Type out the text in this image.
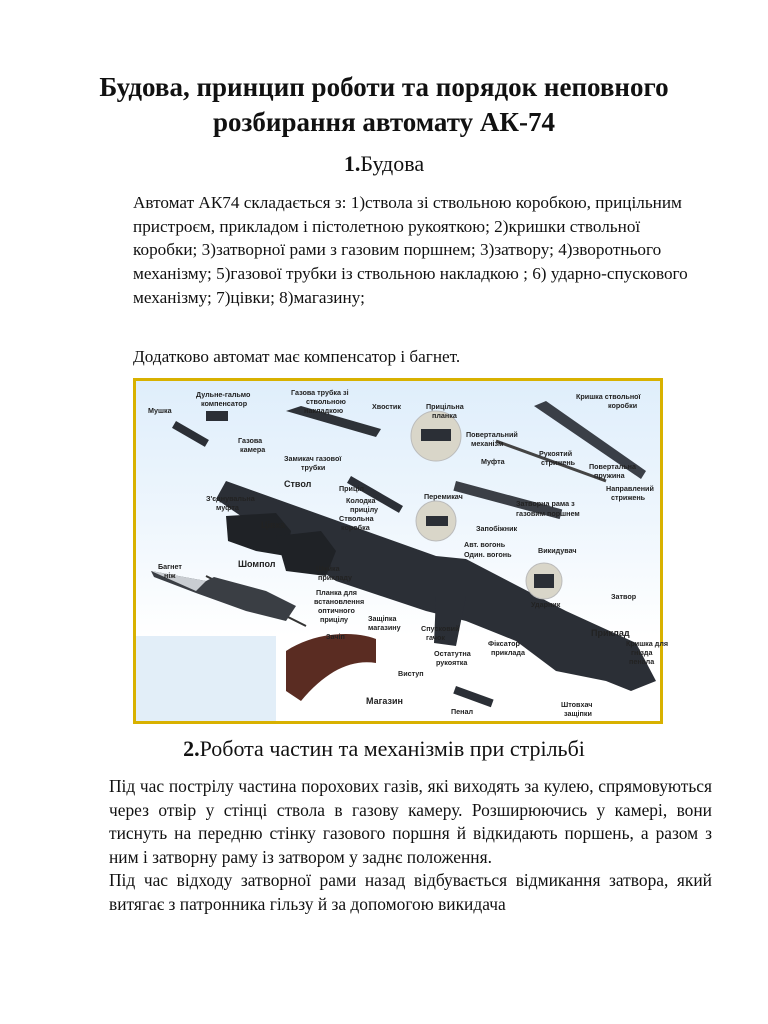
Будова, принцип роботи та порядок неповного розбирання автомату АК-74
1.Будова
Автомат АК74 складається з: 1)ствола зі ствольною коробкою, прицільним пристроєм, прикладом і пістолетною рукояткою; 2)кришки ствольної коробки; 3)затворної рами з газовим поршнем; 3)затвору; 4)зворотнього механізму; 5)газової трубки із ствольною накладкою ; 6) ударно-спускового механізму; 7)цівки; 8)магазину;
Додатково автомат має компенсатор і багнет.
Мушка
Дульне-гальмо
компенсатор
Газова трубка зі
ствольною
накладкою	Хвостик	Прицільна
планка
Кришка ствольної
коробки
Газова
камера
Замикач газової
трубки
Повертальний
механізм
Муфта
Рукоятий
стрижень Повертальна
пружина
Направлений
стрижень
Ствол	Приціл
Колодка
прицілу
Перемикач
Затворна рама з
газовим поршнем
З'єднувальна
муфта
Цівка
Ствольна
коробка	Запобіжник
Авт. вогонь
Один. вогонь	Викидувач
Шомпол	Шийка
прикладу
Ударник
Затвор
Багнет
ніж
Планка для
встановлення
оптичного
прицілу	Защіпка
магазину	Спусковий
гачок
Фіксатор
приклада
Приклад
Кришка для
гнізда
пенала
Зачіп
Остатутна
рукоятка
Виступ
Магазин
Пенал
Штовхач
защіпки
2.Робота частин та механізмів при стрільбі

Під час пострілу частина порохових газів, які виходять за кулею, спрямовуються через отвір у стінці ствола в газову камеру. Розширюючись у камері, вони тиснуть на передню стінку газового поршня й відкидають поршень, а разом з ним і затворну раму із затвором у заднє положення.

Під час відходу затворної рами назад відбувається відмикання затвора, який витягає з патронника гільзу й за допомогою викидача
